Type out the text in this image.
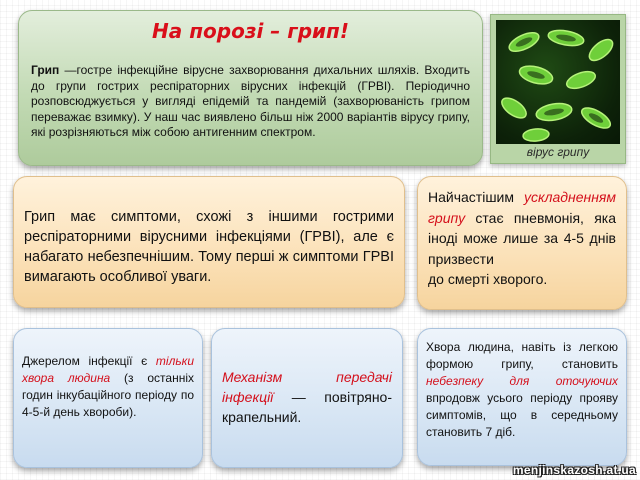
На порозі – грип!
Грип —гостре інфекційне вірусне захворювання дихальних шляхів. Входить до групи гострих респіраторних вірусних інфекцій (ГРВІ). Періодично розповсюджується у вигляді епідемій та пандемій (захворюваність грипом переважає взимку). У наш час виявлено більш ніж 2000 варіантів вірусу грипу, які розрізняються між собою антигенним спектром.
вірус грипу
Грип має симптоми, схожі з іншими гострими респіраторними вірусними інфекціями (ГРВІ), але є набагато небезпечнішим. Тому перші ж симптоми ГРВІ вимагають особливої уваги.
Найчастішим ускладненням грипу стає пневмонія, яка іноді може лише за 4-5 днів призвести
до смерті хворого.
Джерелом інфекції є тільки хвора людина (з останніх годин інкубаційного періоду по 4-5-й день хвороби).
Механізм передачі інфекції — повітряно-крапельний.
Хвора людина, навіть із легкою формою грипу, становить небезпеку для оточуючих впродовж усього періоду прояву симптомів, що в середньому становить 7 діб.
menjinskazosh.at.ua
